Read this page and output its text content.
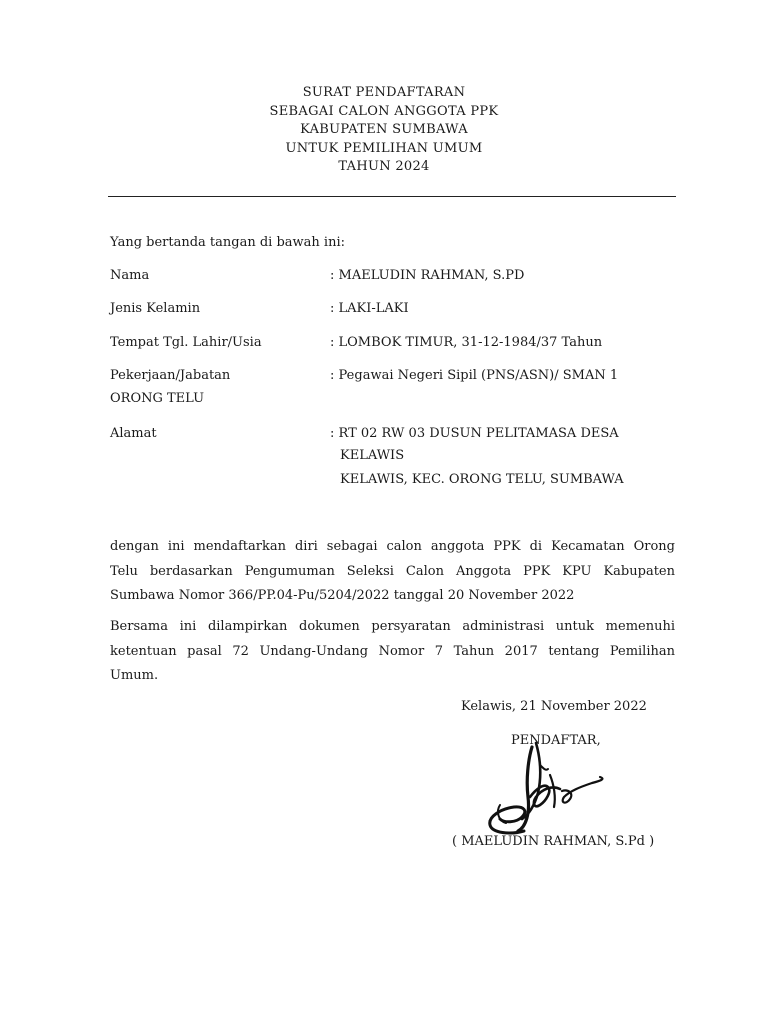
SURAT PENDAFTARAN
SEBAGAI CALON ANGGOTA PPK
KABUPATEN SUMBAWA
UNTUK PEMILIHAN UMUM
TAHUN 2024
Yang bertanda tangan di bawah ini:
Nama	: MAELUDIN RAHMAN, S.PD
Jenis Kelamin	: LAKI-LAKI
Tempat Tgl. Lahir/Usia	: LOMBOK TIMUR, 31-12-1984/37 Tahun
Pekerjaan/Jabatan	: Pegawai Negeri Sipil (PNS/ASN)/ SMAN 1
ORONG TELU
Alamat	: RT 02 RW 03 DUSUN PELITAMASA DESA
KELAWIS
KELAWIS, KEC. ORONG TELU, SUMBAWA
dengan ini mendaftarkan diri sebagai calon anggota PPK di Kecamatan Orong
Telu berdasarkan Pengumuman Seleksi Calon Anggota PPK KPU Kabupaten
Sumbawa Nomor 366/PP.04-Pu/5204/2022 tanggal 20 November 2022
Bersama ini dilampirkan dokumen persyaratan administrasi untuk memenuhi
ketentuan pasal 72 Undang-Undang Nomor 7 Tahun 2017 tentang Pemilihan
Umum.
Kelawis, 21 November 2022
PENDAFTAR,
( MAELUDIN RAHMAN, S.Pd )
